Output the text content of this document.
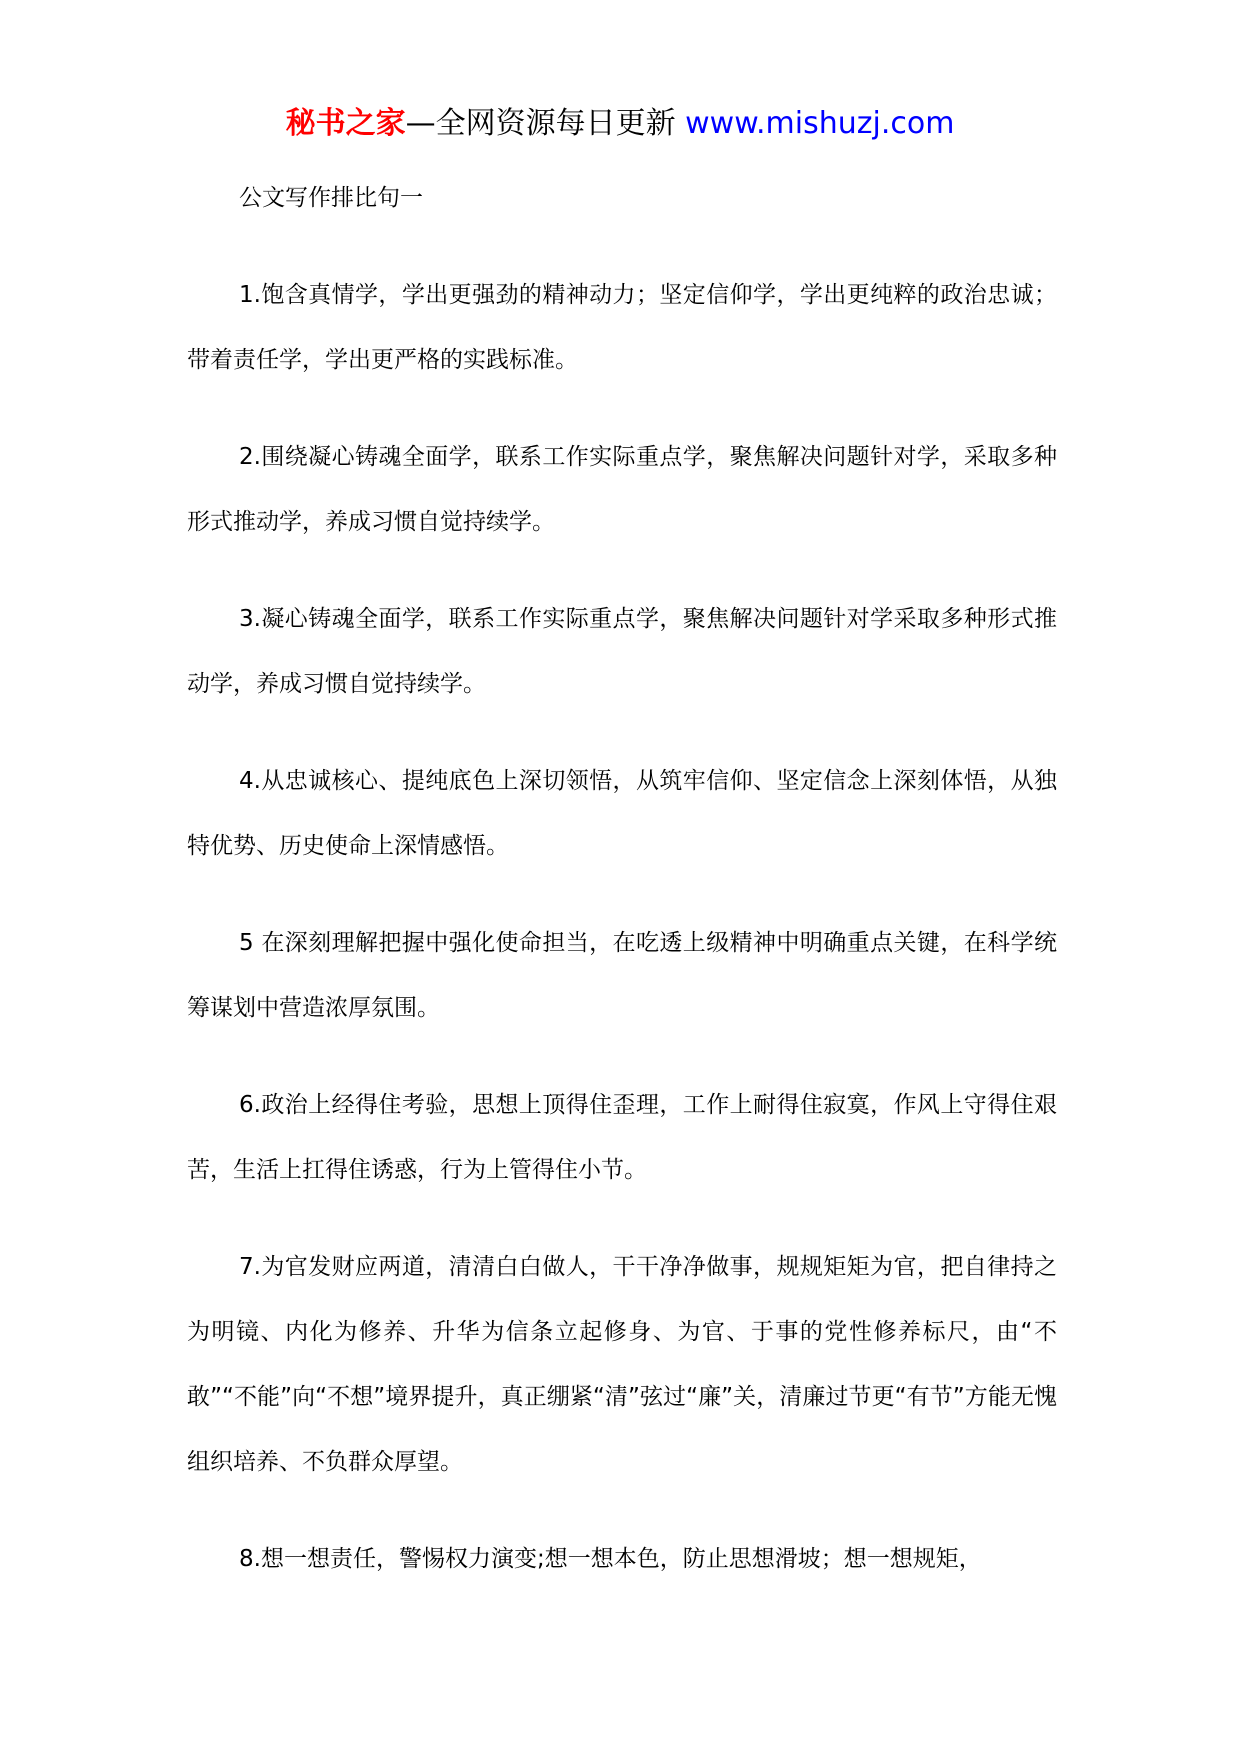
秘书之家—全网资源每日更新 www.mishuzj.com

公文写作排比句一

1.饱含真情学，学出更强劲的精神动力；坚定信仰学，学出更纯粹的政治忠诚；带着责任学，学出更严格的实践标准。

2.围绕凝心铸魂全面学，联系工作实际重点学，聚焦解决问题针对学，采取多种形式推动学，养成习惯自觉持续学。

3.凝心铸魂全面学，联系工作实际重点学，聚焦解决问题针对学采取多种形式推动学，养成习惯自觉持续学。

4.从忠诚核心、提纯底色上深切领悟，从筑牢信仰、坚定信念上深刻体悟，从独特优势、历史使命上深情感悟。

5 在深刻理解把握中强化使命担当，在吃透上级精神中明确重点关键，在科学统筹谋划中营造浓厚氛围。

6.政治上经得住考验，思想上顶得住歪理，工作上耐得住寂寞，作风上守得住艰苦，生活上扛得住诱惑，行为上管得住小节。

7.为官发财应两道，清清白白做人，干干净净做事，规规矩矩为官，把自律持之为明镜、内化为修养、升华为信条立起修身、为官、于事的党性修养标尺，由“不敢”“不能”向“不想”境界提升，真正绷紧“清”弦过“廉”关，清廉过节更“有节”方能无愧组织培养、不负群众厚望。

8.想一想责任，警惕权力演变;想一想本色，防止思想滑坡；想一想规矩，
